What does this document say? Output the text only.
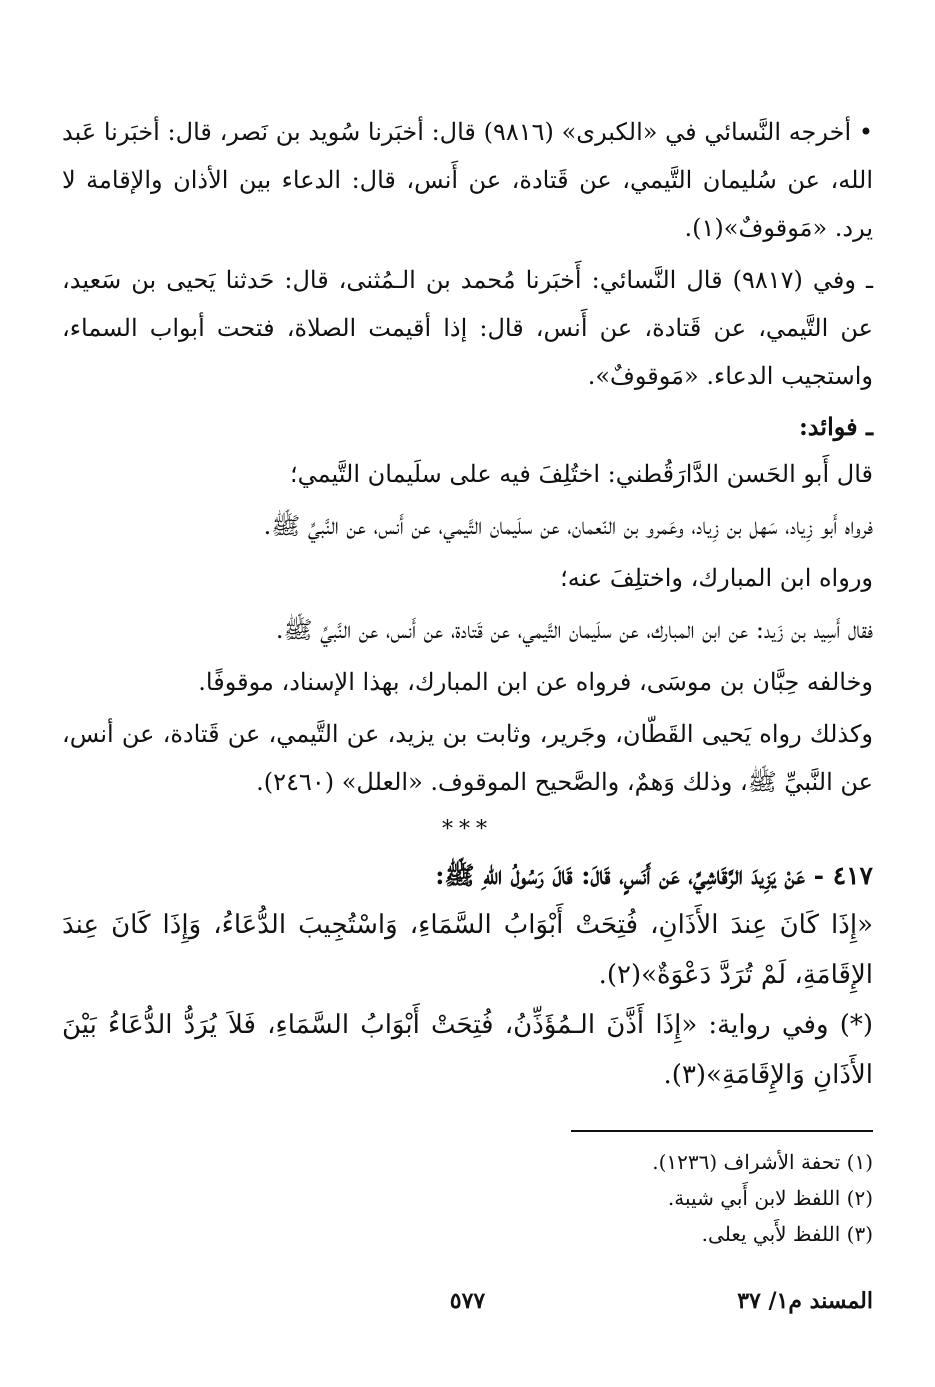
• أخرجه النَّسائي في «الكبرى» (٩٨١٦) قال: أخبَرنا سُويد بن نَصر، قال: أخبَرنا عَبد الله، عن سُليمان التَّيمي، عن قَتادة، عن أَنس، قال: الدعاء بين الأذان والإقامة لا يرد. «مَوقوفٌ»(١).

ـ وفي (٩٨١٧) قال النَّسائي: أَخبَرنا مُحمد بن الـمُثنى، قال: حَدثنا يَحيى بن سَعيد، عن التَّيمي، عن قَتادة، عن أَنس، قال: إذا أقيمت الصلاة، فتحت أبواب السماء، واستجيب الدعاء. «مَوقوفٌ».

ـ فوائد:

قال أَبو الحَسن الدَّارَقُطني: اختُلِفَ فيه على سلَيمان التَّيمي؛

فرواه أَبو زِياد، سَهل بن زِياد، وعَمرو بن النّعمان، عن سلَيمان التَّيمي، عن أَنس، عن النَّبيِّ ﷺ.

ورواه ابن المبارك، واختلِفَ عنه؛

فقال أَسِيد بن زَيد: عن ابن المبارك، عن سلَيمان التَّيمي، عن قَتادة، عن أَنس، عن النَّبيِّ ﷺ.

وخالفه حِبَّان بن موسَى، فرواه عن ابن المبارك، بهذا الإسناد، موقوفًا.

وكذلك رواه يَحيى القَطّان، وجَرير، وثابت بن يزيد، عن التَّيمي، عن قَتادة، عن أنس، عن النَّبيِّ ﷺ، وذلك وَهمٌ، والصَّحيح الموقوف. «العلل» (٢٤٦٠).

***

٤١٧ - عَنْ يَزِيدَ الرَّقَاشِيِّ، عَن أَنَسٍ، قَالَ: قَالَ رَسُولُ اللهِ ﷺ:

«إِذَا كَانَ عِندَ الأَذَانِ، فُتِحَتْ أَبْوَابُ السَّمَاءِ، وَاسْتُجِيبَ الدُّعَاءُ، وَإِذَا كَانَ عِندَ الإِقَامَةِ، لَمْ تُرَدَّ دَعْوَةٌ»(٢).

(*) وفي رواية: «إِذَا أَذَّنَ الـمُؤَذِّنُ، فُتِحَتْ أَبْوَابُ السَّمَاءِ، فَلاَ يُرَدُّ الدُّعَاءُ بَيْنَ الأَذَانِ وَالإِقَامَةِ»(٣).

(١) تحفة الأشراف (١٢٣٦).

(٢) اللفظ لابن أَبي شيبة.

(٣) اللفظ لأَبي يعلى.

المسند م١/ ٣٧
٥٧٧
